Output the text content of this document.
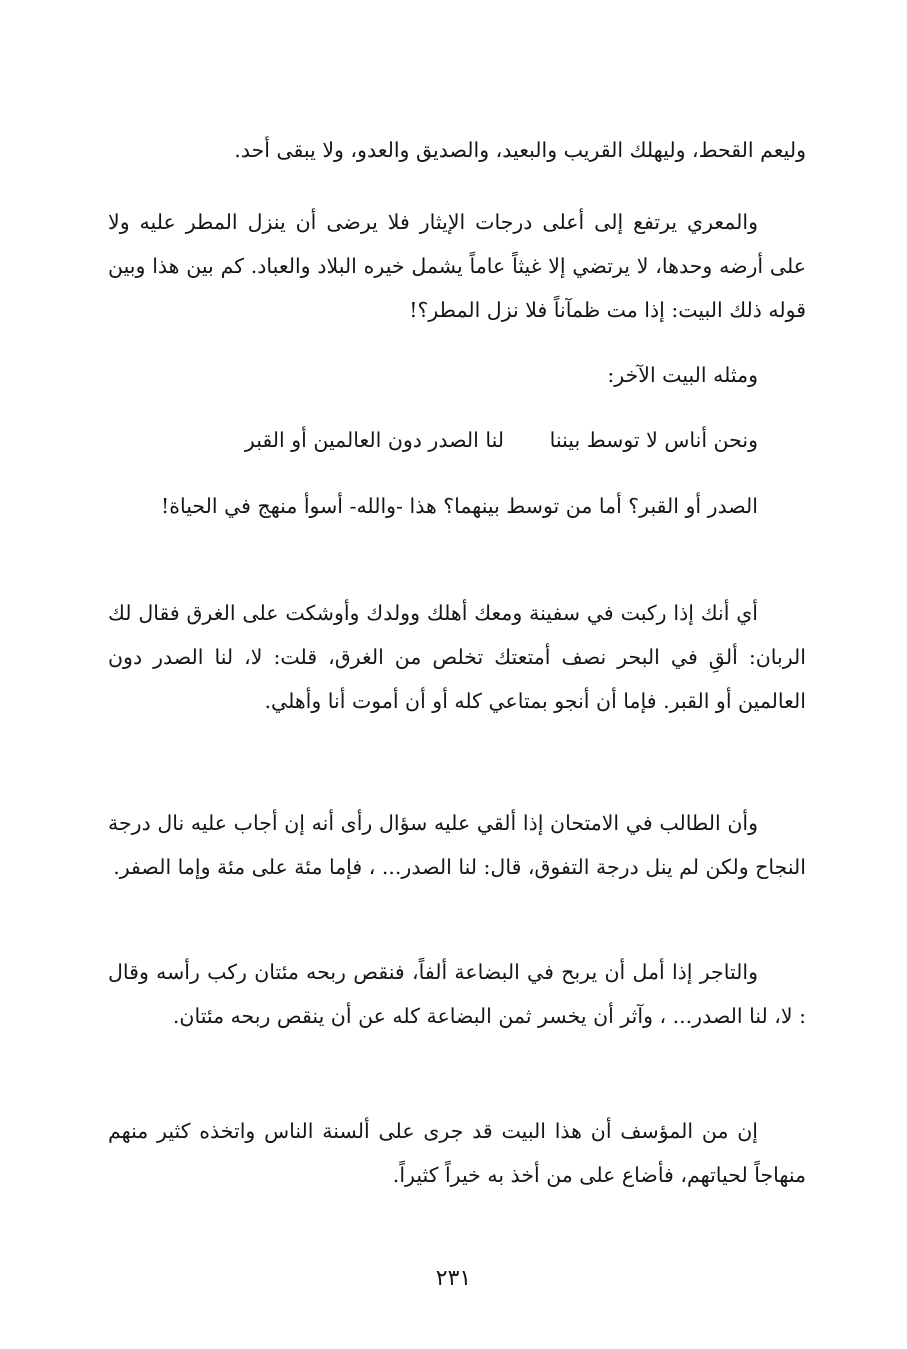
وليعم القحط، وليهلك القريب والبعيد، والصديق والعدو، ولا يبقى أحد.

والمعري يرتفع إلى أعلى درجات الإيثار فلا يرضى أن ينزل المطر عليه ولا على أرضه وحدها، لا يرتضي إلا غيثاً عاماً يشمل خيره البلاد والعباد. كم بين هذا وبين قوله ذلك البيت: إذا مت ظمآناً فلا نزل المطر؟!

ومثله البيت الآخر:

ونحن أناس لا توسط بيننا
لنا الصدر دون العالمين أو القبر

الصدر أو القبر؟ أما من توسط بينهما؟ هذا -والله- أسوأ منهج في الحياة!

أي أنك إذا ركبت في سفينة ومعك أهلك وولدك وأوشكت على الغرق فقال لك الربان: ألقِ في البحر نصف أمتعتك تخلص من الغرق، قلت: لا، لنا الصدر دون العالمين أو القبر. فإما أن أنجو بمتاعي كله أو أن أموت أنا وأهلي.

وأن الطالب في الامتحان إذا ألقي عليه سؤال رأى أنه إن أجاب عليه نال درجة النجاح ولكن لم ينل درجة التفوق، قال: لنا الصدر... ، فإما مئة على مئة وإما الصفر.

والتاجر إذا أمل أن يربح في البضاعة ألفاً، فنقص ربحه مئتان ركب رأسه وقال : لا، لنا الصدر... ، وآثر أن يخسر ثمن البضاعة كله عن أن ينقص ربحه مئتان.

إن من المؤسف أن هذا البيت قد جرى على ألسنة الناس واتخذه كثير منهم منهاجاً لحياتهم، فأضاع على من أخذ به خيراً كثيراً.

٢٣١
